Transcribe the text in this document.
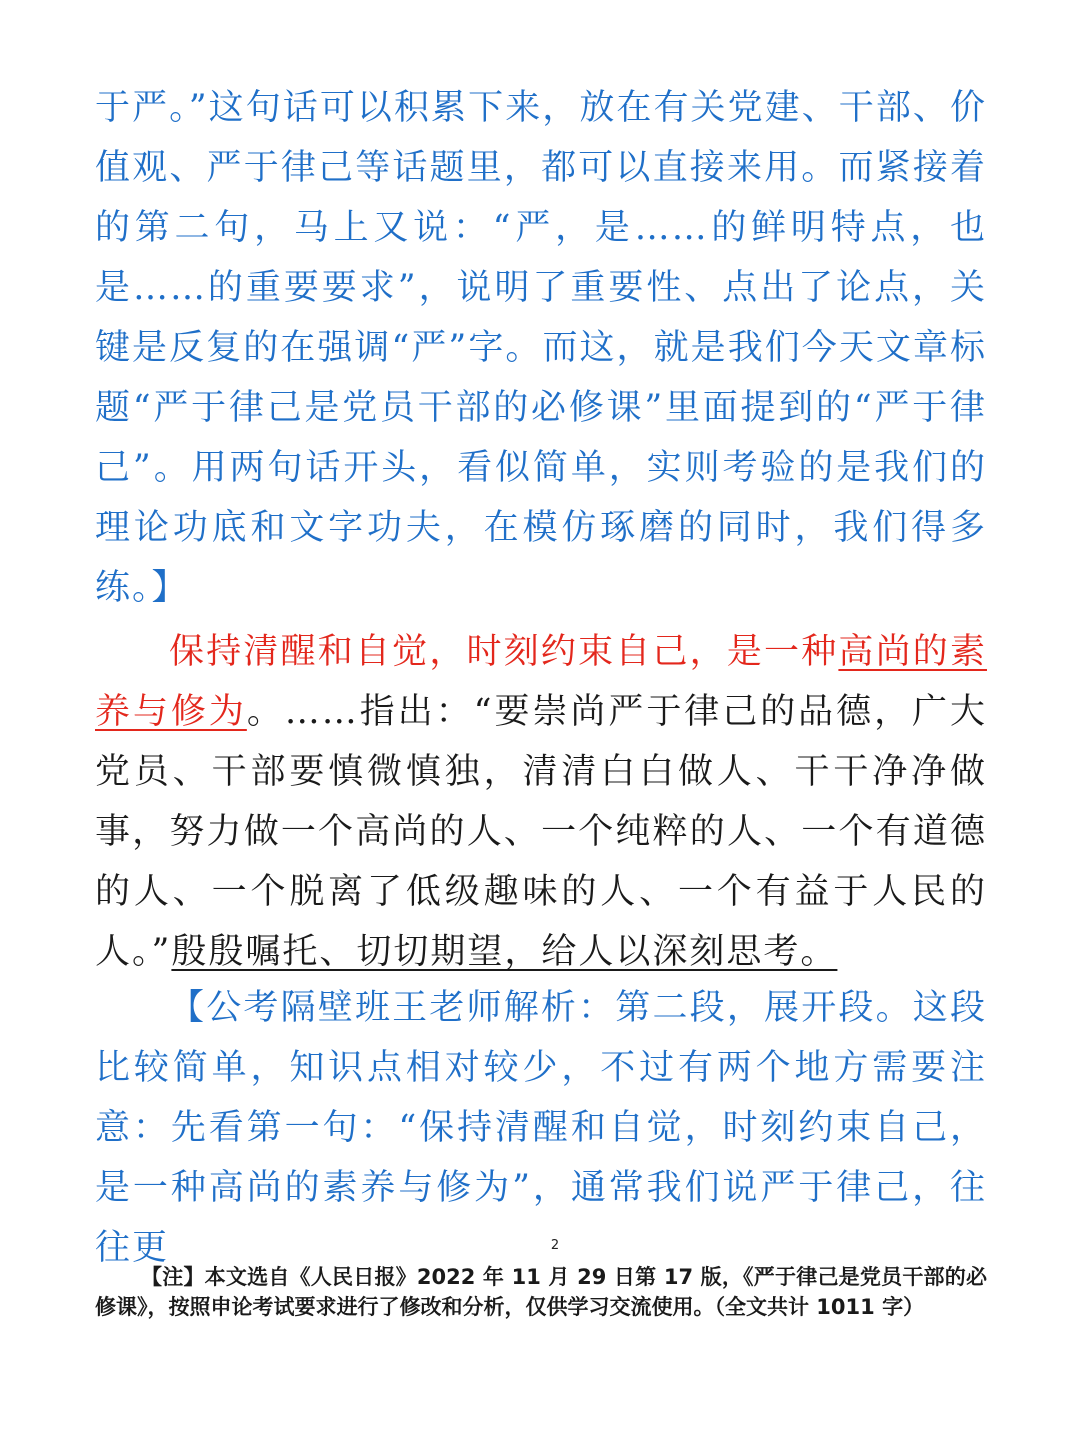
于严。”这句话可以积累下来，放在有关党建、干部、价值观、严于律己等话题里，都可以直接来用。而紧接着的第二句，马上又说：“严，是……的鲜明特点，也是……的重要要求”，说明了重要性、点出了论点，关键是反复的在强调“严”字。而这，就是我们今天文章标题“严于律己是党员干部的必修课”里面提到的“严于律己”。用两句话开头，看似简单，实则考验的是我们的理论功底和文字功夫，在模仿琢磨的同时，我们得多练。】

保持清醒和自觉，时刻约束自己，是一种高尚的素养与修为。……指出：“要崇尚严于律己的品德，广大党员、干部要慎微慎独，清清白白做人、干干净净做事，努力做一个高尚的人、一个纯粹的人、一个有道德的人、一个脱离了低级趣味的人、一个有益于人民的人。”殷殷嘱托、切切期望，给人以深刻思考。

【公考隔壁班王老师解析：第二段，展开段。这段比较简单，知识点相对较少，不过有两个地方需要注意：先看第一句：“保持清醒和自觉，时刻约束自己，是一种高尚的素养与修为”，通常我们说严于律己，往往更	2
【注】本文选自《人民日报》2022 年 11 月 29 日第 17 版，《严于律己是党员干部的必修课》，按照申论考试要求进行了修改和分析，仅供学习交流使用。（全文共计 1011 字）
